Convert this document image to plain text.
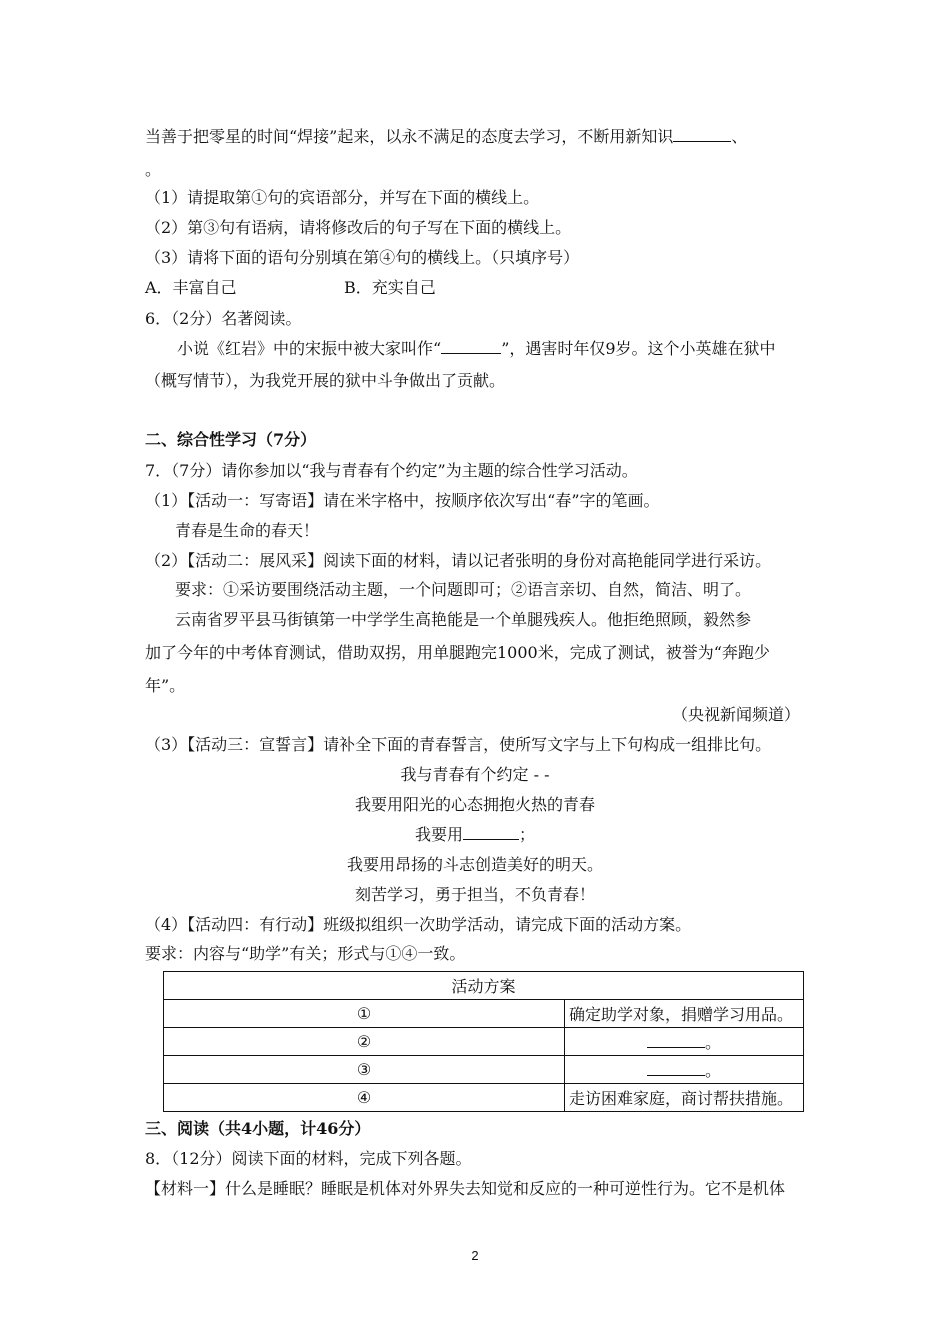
当善于把零星的时间“焊接”起来，以永不满足的态度去学习，不断用新知识	、
。
（1）请提取第①句的宾语部分，并写在下面的横线上。
（2）第③句有语病，请将修改后的句子写在下面的横线上。
（3）请将下面的语句分别填在第④句的横线上。（只填序号）
A．丰富自己	B．充实自己
6．（2分）名著阅读。
小说《红岩》中的宋振中被大家叫作“	”，遇害时年仅9岁。这个小英雄在狱中
（概写情节），为我党开展的狱中斗争做出了贡献。
二、综合性学习（7分）
7．（7分）请你参加以“我与青春有个约定”为主题的综合性学习活动。
（1）【活动一：写寄语】请在米字格中，按顺序依次写出“春”字的笔画。
青春是生命的春天！
（2）【活动二：展风采】阅读下面的材料，请以记者张明的身份对高艳能同学进行采访。
要求：①采访要围绕活动主题，一个问题即可；②语言亲切、自然，简洁、明了。
云南省罗平县马街镇第一中学学生高艳能是一个单腿残疾人。他拒绝照顾，毅然参
加了今年的中考体育测试，借助双拐，用单腿跑完1000米，完成了测试，被誉为“奔跑少
年”。
（央视新闻频道）
（3）【活动三：宣誓言】请补全下面的青春誓言，使所写文字与上下句构成一组排比句。
我与青春有个约定 - -
我要用阳光的心态拥抱火热的青春
我要用	；
我要用昂扬的斗志创造美好的明天。
刻苦学习，勇于担当，不负青春！
（4）【活动四：有行动】班级拟组织一次助学活动，请完成下面的活动方案。
要求：内容与“助学”有关；形式与①④一致。
活动方案	
①	确定助学对象，捐赠学习用品。
②	。
③	。
④	走访困难家庭，商讨帮扶措施。
三、阅读（共4小题，计46分）
8．（12分）阅读下面的材料，完成下列各题。
【材料一】什么是睡眠？睡眠是机体对外界失去知觉和反应的一种可逆性行为。它不是机体
2
